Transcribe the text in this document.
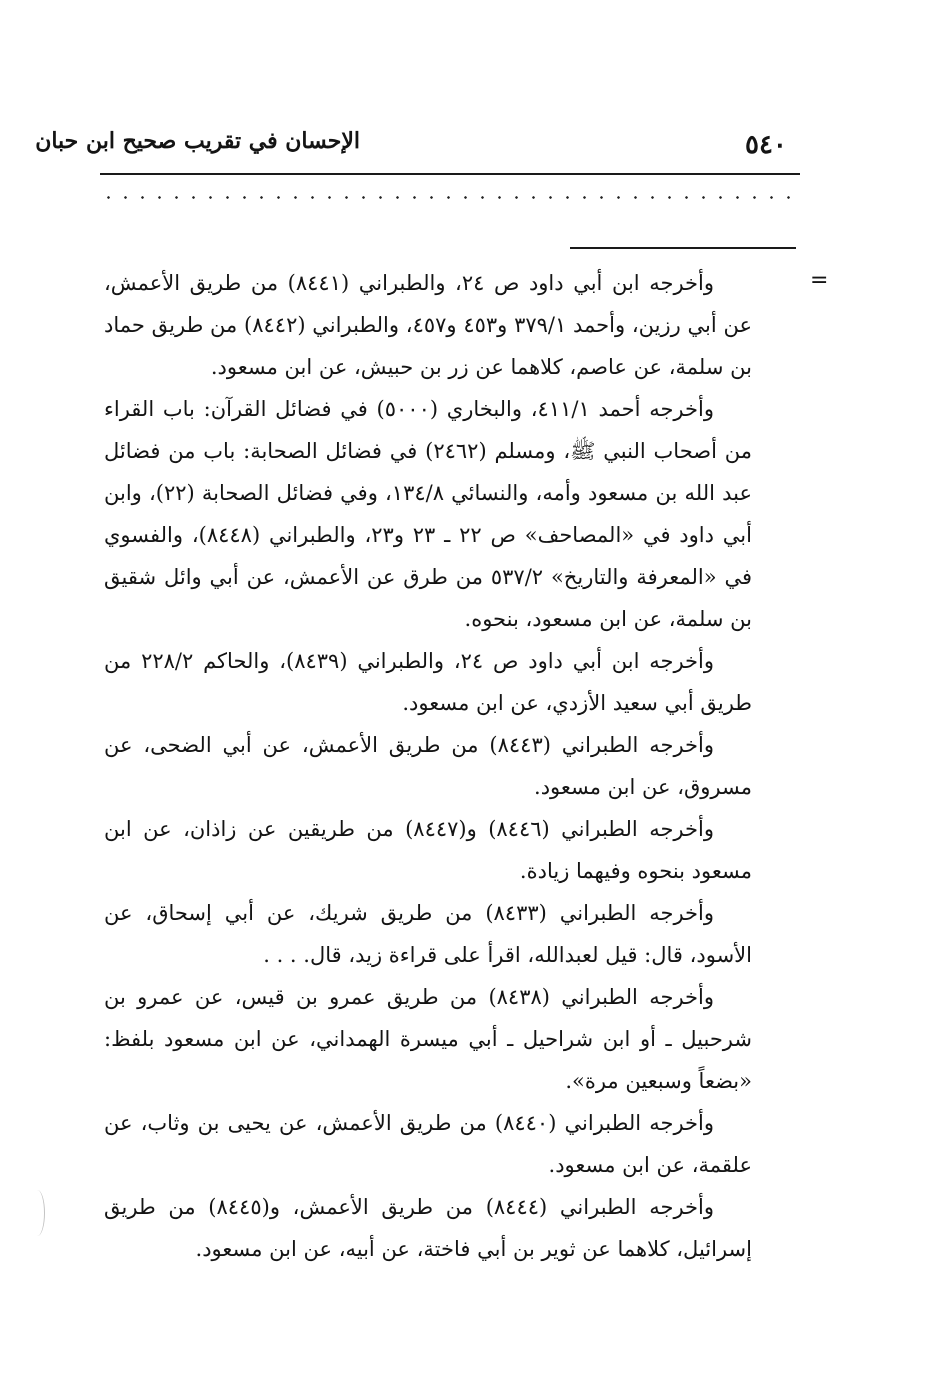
٥٤٠
الإحسان في تقريب صحيح ابن حبان
=

وأخرجه ابن أبي داود ص ٢٤، والطبراني (٨٤٤١) من طريق الأعمش، عن أبي رزين، وأحمد ٣٧٩/١ و٤٥٣ و٤٥٧، والطبراني (٨٤٤٢) من طريق حماد بن سلمة، عن عاصم، كلاهما عن زر بن حبيش، عن ابن مسعود.

وأخرجه أحمد ٤١١/١، والبخاري (٥٠٠٠) في فضائل القرآن: باب القراء من أصحاب النبي ﷺ، ومسلم (٢٤٦٢) في فضائل الصحابة: باب من فضائل عبد الله بن مسعود وأمه، والنسائي ١٣٤/٨، وفي فضائل الصحابة (٢٢)، وابن أبي داود في «المصاحف» ص ٢٢ ـ ٢٣ و٢٣، والطبراني (٨٤٤٨)، والفسوي في «المعرفة والتاريخ» ٥٣٧/٢ من طرق عن الأعمش، عن أبي وائل شقيق بن سلمة، عن ابن مسعود، بنحوه.

وأخرجه ابن أبي داود ص ٢٤، والطبراني (٨٤٣٩)، والحاكم ٢٢٨/٢ من طريق أبي سعيد الأزدي، عن ابن مسعود.

وأخرجه الطبراني (٨٤٤٣) من طريق الأعمش، عن أبي الضحى، عن مسروق، عن ابن مسعود.

وأخرجه الطبراني (٨٤٤٦) و(٨٤٤٧) من طريقين عن زاذان، عن ابن مسعود بنحوه وفيهما زيادة.

وأخرجه الطبراني (٨٤٣٣) من طريق شريك، عن أبي إسحاق، عن الأسود، قال: قيل لعبدالله، اقرأ على قراءة زيد، قال. . . .

وأخرجه الطبراني (٨٤٣٨) من طريق عمرو بن قيس، عن عمرو بن شرحبيل ـ أو ابن شراحيل ـ أبي ميسرة الهمداني، عن ابن مسعود بلفظ: «بضعاً وسبعين مرة».

وأخرجه الطبراني (٨٤٤٠) من طريق الأعمش، عن يحيى بن وثاب، عن علقمة، عن ابن مسعود.

وأخرجه الطبراني (٨٤٤٤) من طريق الأعمش، و(٨٤٤٥) من طريق إسرائيل، كلاهما عن ثوير بن أبي فاختة، عن أبيه، عن ابن مسعود.
